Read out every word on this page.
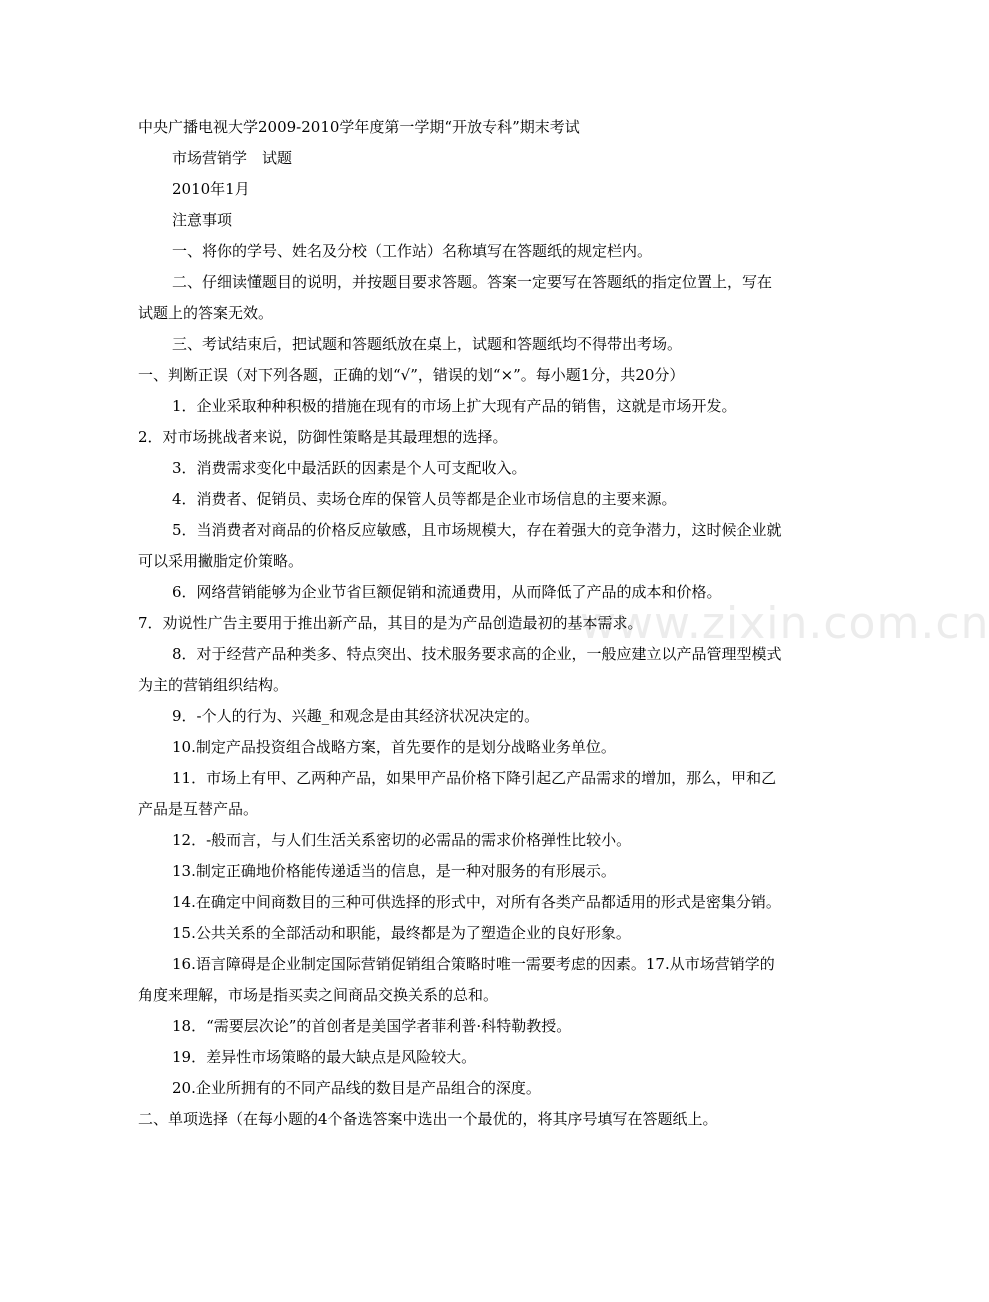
www.zixin.com.cn

中央广播电视大学2009-2010学年度第一学期“开放专科”期末考试

市场营销学　试题

2010年1月

注意事项

一、将你的学号、姓名及分校（工作站）名称填写在答题纸的规定栏内。

二、仔细读懂题目的说明，并按题目要求答题。答案一定要写在答题纸的指定位置上，写在试题上的答案无效。

三、考试结束后，把试题和答题纸放在桌上，试题和答题纸均不得带出考场。

一、判断正误（对下列各题，正确的划“√”，错误的划“×”。每小题1分，共20分）

1．企业采取种种积极的措施在现有的市场上扩大现有产品的销售，这就是市场开发。

2．对市场挑战者来说，防御性策略是其最理想的选择。

3．消费需求变化中最活跃的因素是个人可支配收入。

4．消费者、促销员、卖场仓库的保管人员等都是企业市场信息的主要来源。

5．当消费者对商品的价格反应敏感，且市场规模大，存在着强大的竞争潜力，这时候企业就可以采用撇脂定价策略。

6．网络营销能够为企业节省巨额促销和流通费用，从而降低了产品的成本和价格。

7．劝说性广告主要用于推出新产品，其目的是为产品创造最初的基本需求。

8．对于经营产品种类多、特点突出、技术服务要求高的企业，一般应建立以产品管理型模式为主的营销组织结构。

9．-个人的行为、兴趣_和观念是由其经济状况决定的。

10.制定产品投资组合战略方案，首先要作的是划分战略业务单位。

11．市场上有甲、乙两种产品，如果甲产品价格下降引起乙产品需求的增加，那么，甲和乙产品是互替产品。

12．-般而言，与人们生活关系密切的必需品的需求价格弹性比较小。

13.制定正确地价格能传递适当的信息，是一种对服务的有形展示。

14.在确定中间商数目的三种可供选择的形式中，对所有各类产品都适用的形式是密集分销。

15.公共关系的全部活动和职能，最终都是为了塑造企业的良好形象。

16.语言障碍是企业制定国际营销促销组合策略时唯一需要考虑的因素。17.从市场营销学的角度来理解，市场是指买卖之间商品交换关系的总和。

18．“需要层次论”的首创者是美国学者菲利普·科特勒教授。

19．差异性市场策略的最大缺点是风险较大。

20.企业所拥有的不同产品线的数目是产品组合的深度。

二、单项选择（在每小题的4个备选答案中选出一个最优的，将其序号填写在答题纸上。
